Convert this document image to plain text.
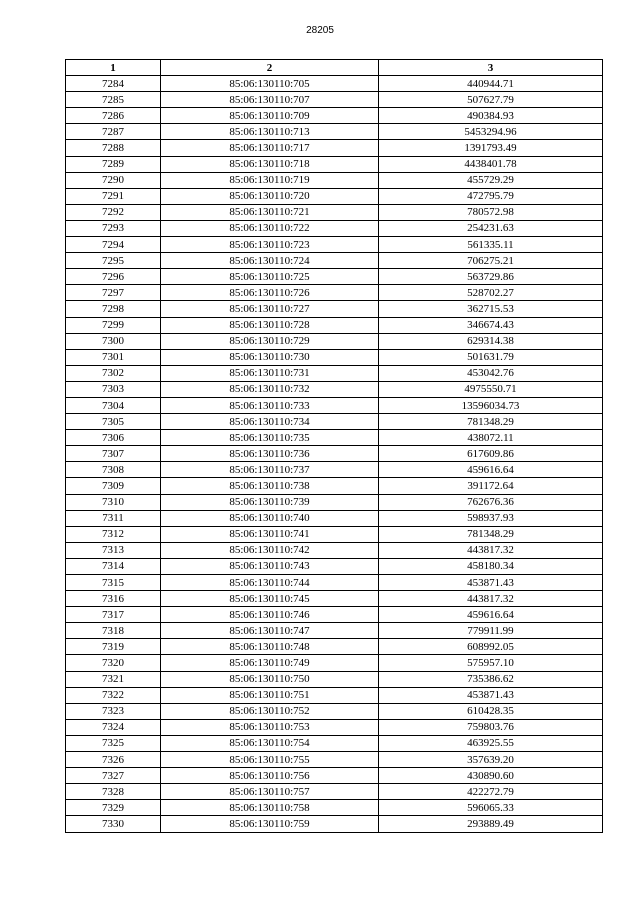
28205
1	2	3
7284	85:06:130110:705	440944.71
7285	85:06:130110:707	507627.79
7286	85:06:130110:709	490384.93
7287	85:06:130110:713	5453294.96
7288	85:06:130110:717	1391793.49
7289	85:06:130110:718	4438401.78
7290	85:06:130110:719	455729.29
7291	85:06:130110:720	472795.79
7292	85:06:130110:721	780572.98
7293	85:06:130110:722	254231.63
7294	85:06:130110:723	561335.11
7295	85:06:130110:724	706275.21
7296	85:06:130110:725	563729.86
7297	85:06:130110:726	528702.27
7298	85:06:130110:727	362715.53
7299	85:06:130110:728	346674.43
7300	85:06:130110:729	629314.38
7301	85:06:130110:730	501631.79
7302	85:06:130110:731	453042.76
7303	85:06:130110:732	4975550.71
7304	85:06:130110:733	13596034.73
7305	85:06:130110:734	781348.29
7306	85:06:130110:735	438072.11
7307	85:06:130110:736	617609.86
7308	85:06:130110:737	459616.64
7309	85:06:130110:738	391172.64
7310	85:06:130110:739	762676.36
7311	85:06:130110:740	598937.93
7312	85:06:130110:741	781348.29
7313	85:06:130110:742	443817.32
7314	85:06:130110:743	458180.34
7315	85:06:130110:744	453871.43
7316	85:06:130110:745	443817.32
7317	85:06:130110:746	459616.64
7318	85:06:130110:747	779911.99
7319	85:06:130110:748	608992.05
7320	85:06:130110:749	575957.10
7321	85:06:130110:750	735386.62
7322	85:06:130110:751	453871.43
7323	85:06:130110:752	610428.35
7324	85:06:130110:753	759803.76
7325	85:06:130110:754	463925.55
7326	85:06:130110:755	357639.20
7327	85:06:130110:756	430890.60
7328	85:06:130110:757	422272.79
7329	85:06:130110:758	596065.33
7330	85:06:130110:759	293889.49
